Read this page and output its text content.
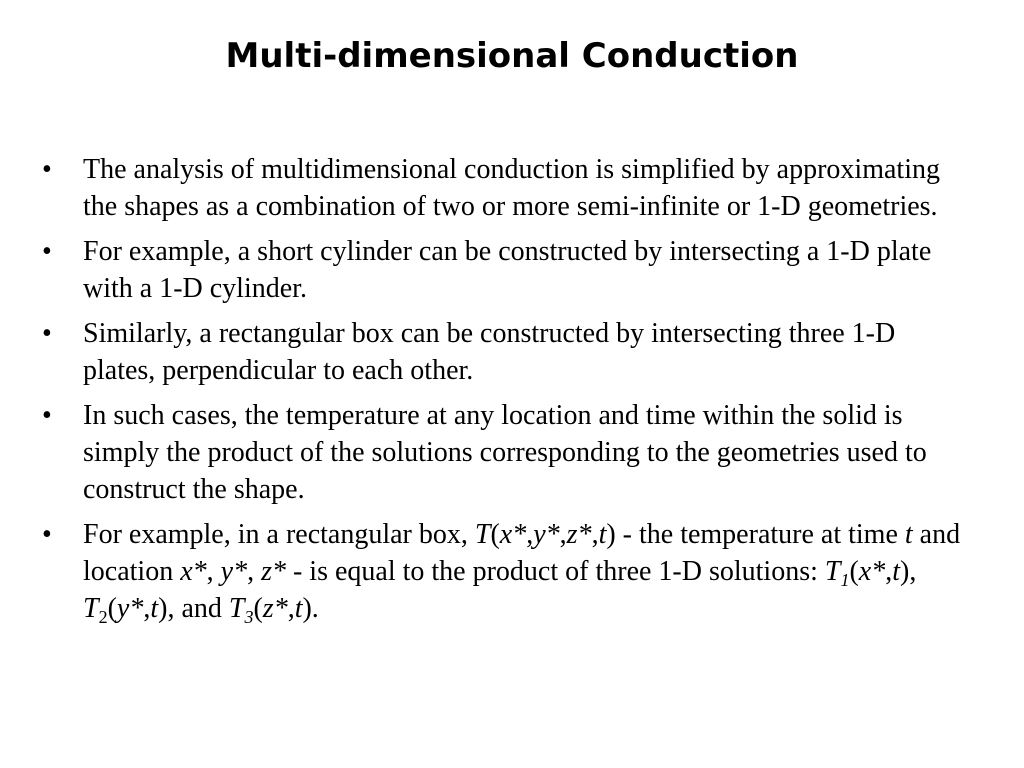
Multi-dimensional Conduction
•	The analysis of multidimensional conduction is simplified by approximating the shapes as a combination of two or more semi-infinite or 1-D geometries.
•	For example, a short cylinder can be constructed by intersecting a 1-D plate with a 1-D cylinder.
•	Similarly, a rectangular box can be constructed by intersecting three 1-D plates, perpendicular to each other.
•	In such cases, the temperature at any location and time within the solid is simply the product of the solutions corresponding to the geometries used to construct the shape.
•	For example, in a rectangular box, T(x*,y*,z*,t) - the temperature at time t and location x*, y*, z* - is equal to the product of three 1-D solutions: $T_1(x*,t)$, $T_2(y*,t)$, and $T_3(z*,t)$.
